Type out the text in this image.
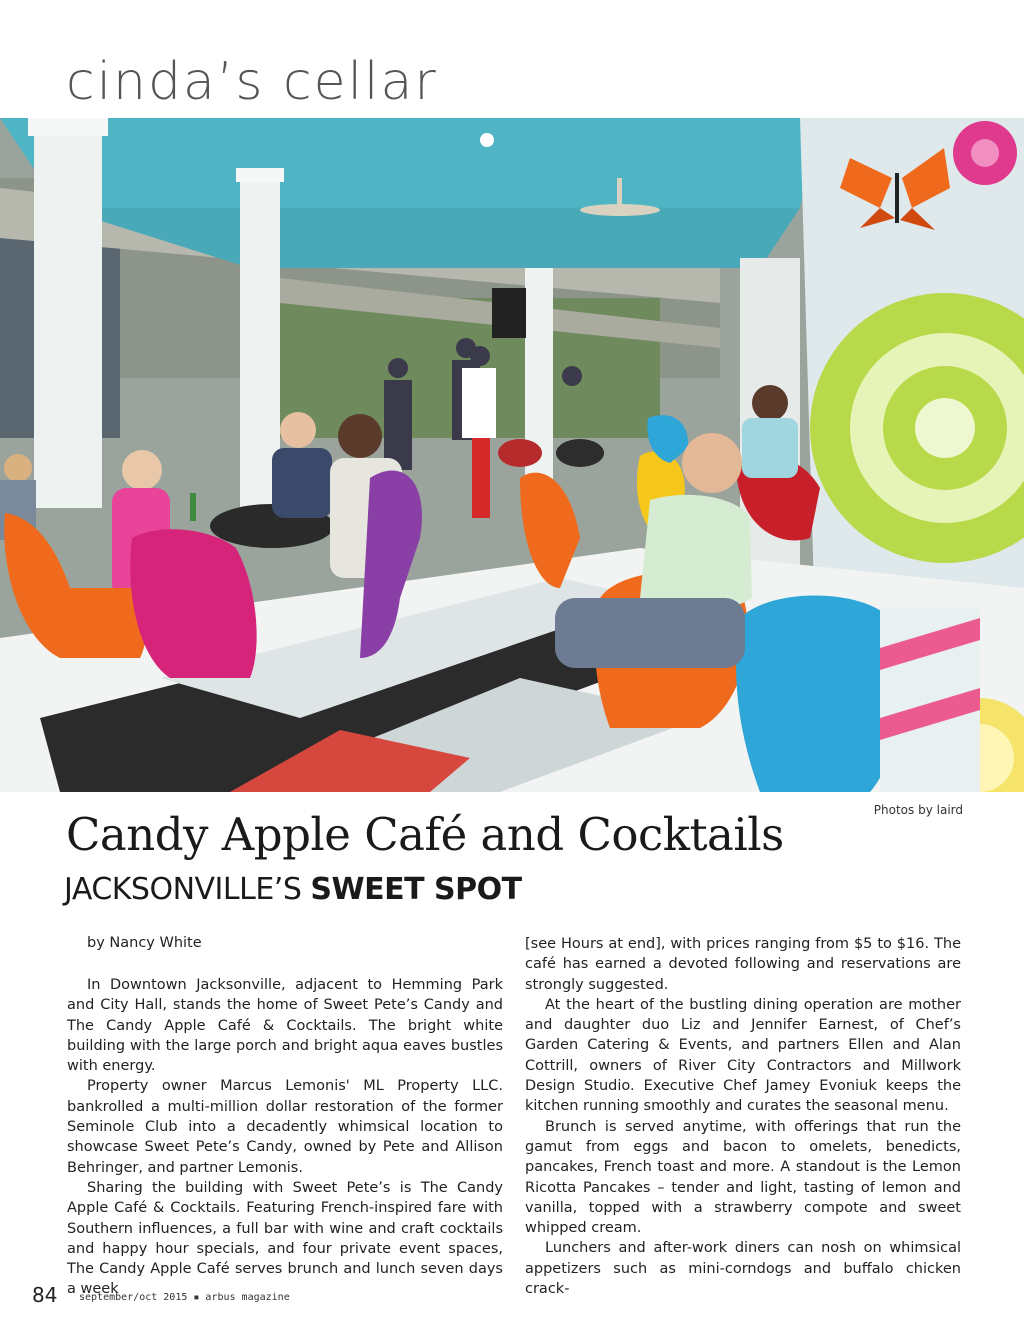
cinda’s cellar
Photos by laird
Candy Apple Café and Cocktails
JACKSONVILLE’S SWEET SPOT
by Nancy White

In Downtown Jacksonville, adjacent to Hemming Park and City Hall, stands the home of Sweet Pete’s Candy and The Candy Apple Café & Cocktails. The bright white building with the large porch and bright aqua eaves bustles with energy.

Property owner Marcus Lemonis' ML Property LLC. bankrolled a multi-million dollar restoration of the former Seminole Club into a decadently whimsical location to showcase Sweet Pete’s Candy, owned by Pete and Allison Behringer, and partner Lemonis.

Sharing the building with Sweet Pete’s is The Candy Apple Café & Cocktails. Featuring French-inspired fare with Southern influences, a full bar with wine and craft cocktails and happy hour specials, and four private event spaces, The Candy Apple Café serves brunch and lunch seven days a week

[see Hours at end], with prices ranging from $5 to $16. The café has earned a devoted following and reservations are strongly suggested.

At the heart of the bustling dining operation are mother and daughter duo Liz and Jennifer Earnest, of Chef’s Garden Catering & Events, and partners Ellen and Alan Cottrill, owners of River City Contractors and Millwork Design Studio. Executive Chef Jamey Evoniuk keeps the kitchen running smoothly and curates the seasonal menu.

Brunch is served anytime, with offerings that run the gamut from eggs and bacon to omelets, benedicts, pancakes, French toast and more. A standout is the Lemon Ricotta Pancakes – tender and light, tasting of lemon and vanilla, topped with a strawberry compote and sweet whipped cream.

Lunchers and after-work diners can nosh on whimsical appetizers such as mini-corndogs and buffalo chicken crack-

84 september/oct 2015 ▪ arbus magazine
